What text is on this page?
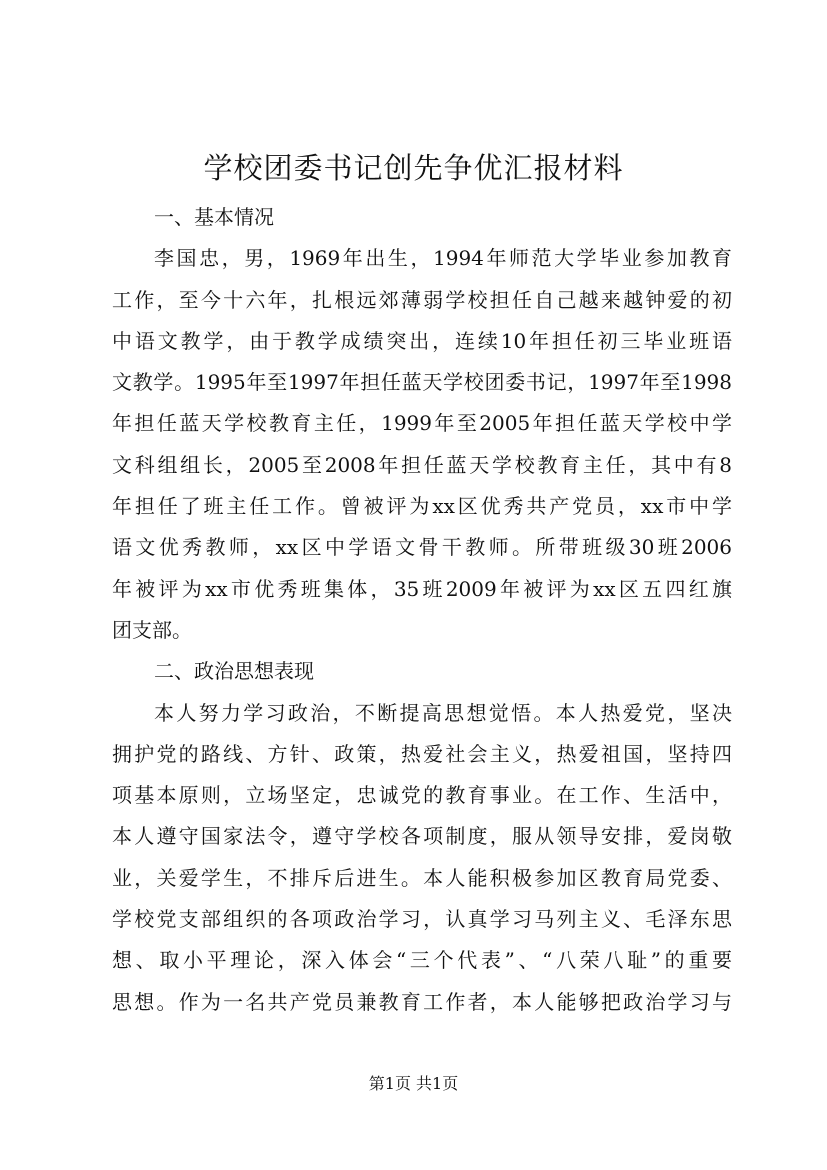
学校团委书记创先争优汇报材料
一、基本情况
李国忠，男，1969年出生，1994年师范大学毕业参加教育
工作，至今十六年，扎根远郊薄弱学校担任自己越来越钟爱的初
中语文教学，由于教学成绩突出，连续10年担任初三毕业班语
文教学。1995年至1997年担任蓝天学校团委书记，1997年至1998
年担任蓝天学校教育主任，1999年至2005年担任蓝天学校中学
文科组组长，2005至2008年担任蓝天学校教育主任，其中有8
年担任了班主任工作。曾被评为xx区优秀共产党员，xx市中学
语文优秀教师，xx区中学语文骨干教师。所带班级30班2006
年被评为xx市优秀班集体，35班2009年被评为xx区五四红旗
团支部。
二、政治思想表现
本人努力学习政治，不断提高思想觉悟。本人热爱党，坚决
拥护党的路线、方针、政策，热爱社会主义，热爱祖国，坚持四
项基本原则，立场坚定，忠诚党的教育事业。在工作、生活中，
本人遵守国家法令，遵守学校各项制度，服从领导安排，爱岗敬
业，关爱学生，不排斥后进生。本人能积极参加区教育局党委、
学校党支部组织的各项政治学习，认真学习马列主义、毛泽东思
想、取小平理论，深入体会“三个代表”、“八荣八耻”的重要
思想。作为一名共产党员兼教育工作者，本人能够把政治学习与
第1页 共1页
